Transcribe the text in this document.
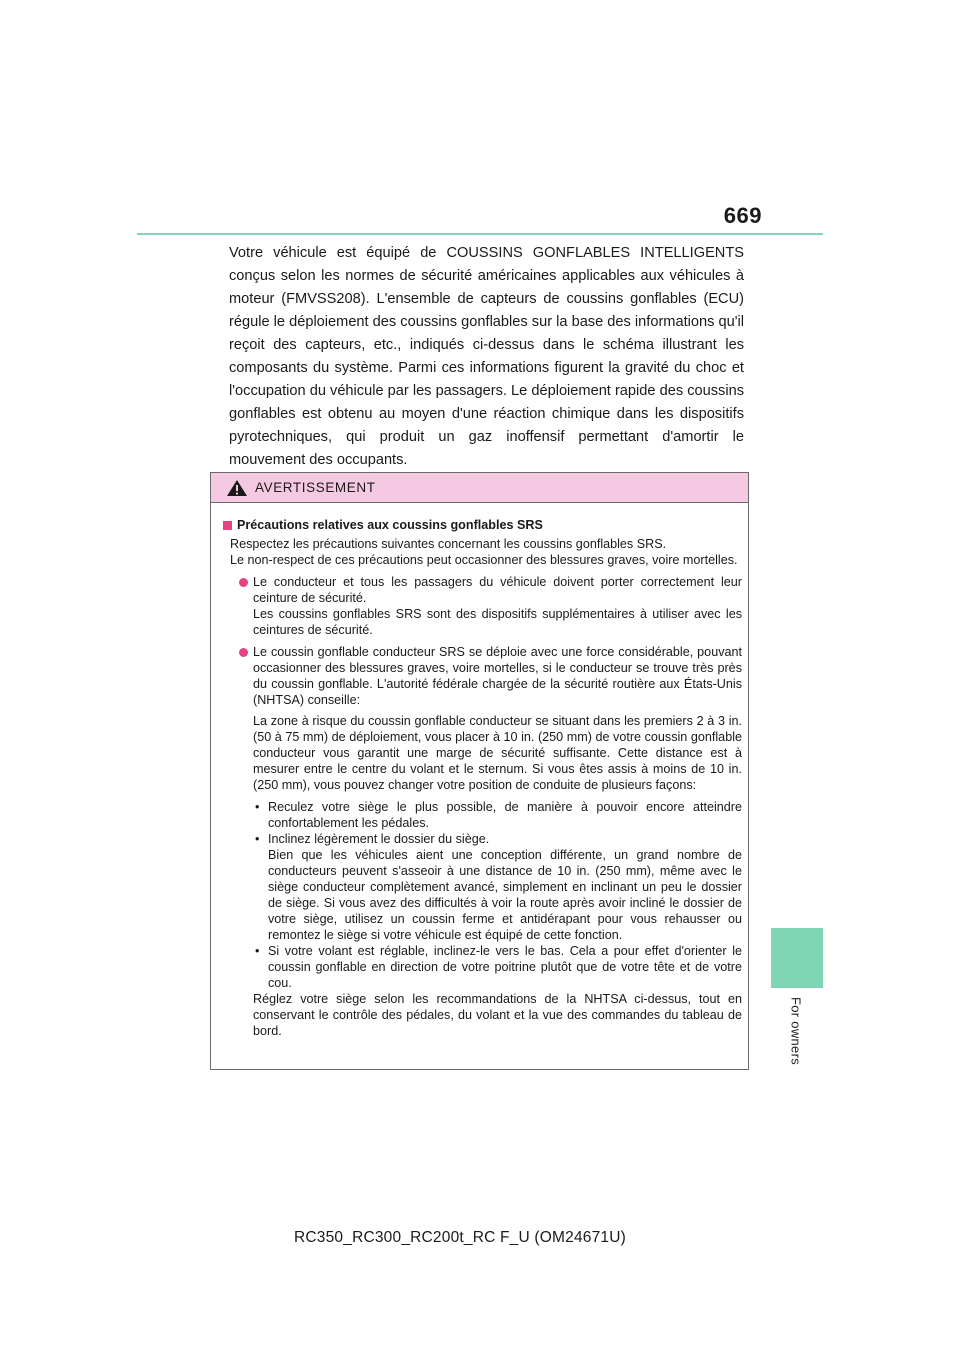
669
For owners

Votre véhicule est équipé de COUSSINS GONFLABLES INTELLIGENTS conçus selon les normes de sécurité américaines applicables aux véhicules à moteur (FMVSS208). L'ensemble de capteurs de coussins gonflables (ECU) régule le déploiement des coussins gonflables sur la base des informations qu'il reçoit des capteurs, etc., indiqués ci-dessus dans le schéma illustrant les composants du système. Parmi ces informations figurent la gravité du choc et l'occupation du véhicule par les passagers. Le déploiement rapide des coussins gonflables est obtenu au moyen d'une réaction chimique dans les dispositifs pyrotechniques, qui produit un gaz inoffensif permettant d'amortir le mouvement des occupants.

AVERTISSEMENT
Précautions relatives aux coussins gonflables SRS
Respectez les précautions suivantes concernant les coussins gonflables SRS.
Le non-respect de ces précautions peut occasionner des blessures graves, voire mortelles.
Le conducteur et tous les passagers du véhicule doivent porter correctement leur ceinture de sécurité.
Les coussins gonflables SRS sont des dispositifs supplémentaires à utiliser avec les ceintures de sécurité.
Le coussin gonflable conducteur SRS se déploie avec une force considérable, pouvant occasionner des blessures graves, voire mortelles, si le conducteur se trouve très près du coussin gonflable. L'autorité fédérale chargée de la sécurité routière aux États-Unis (NHTSA) conseille:
La zone à risque du coussin gonflable conducteur se situant dans les premiers 2 à 3 in. (50 à 75 mm) de déploiement, vous placer à 10 in. (250 mm) de votre coussin gonflable conducteur vous garantit une marge de sécurité suffisante. Cette distance est à mesurer entre le centre du volant et le sternum. Si vous êtes assis à moins de 10 in. (250 mm), vous pouvez changer votre position de conduite de plusieurs façons:
• Reculez votre siège le plus possible, de manière à pouvoir encore atteindre confortablement les pédales.
• Inclinez légèrement le dossier du siège.
Bien que les véhicules aient une conception différente, un grand nombre de conducteurs peuvent s'asseoir à une distance de 10 in. (250 mm), même avec le siège conducteur complètement avancé, simplement en inclinant un peu le dossier de siège. Si vous avez des difficultés à voir la route après avoir incliné le dossier de votre siège, utilisez un coussin ferme et antidérapant pour vous rehausser ou remontez le siège si votre véhicule est équipé de cette fonction.
• Si votre volant est réglable, inclinez-le vers le bas. Cela a pour effet d'orienter le coussin gonflable en direction de votre poitrine plutôt que de votre tête et de votre cou.
Réglez votre siège selon les recommandations de la NHTSA ci-dessus, tout en conservant le contrôle des pédales, du volant et la vue des commandes du tableau de bord.
RC350_RC300_RC200t_RC F_U (OM24671U)
